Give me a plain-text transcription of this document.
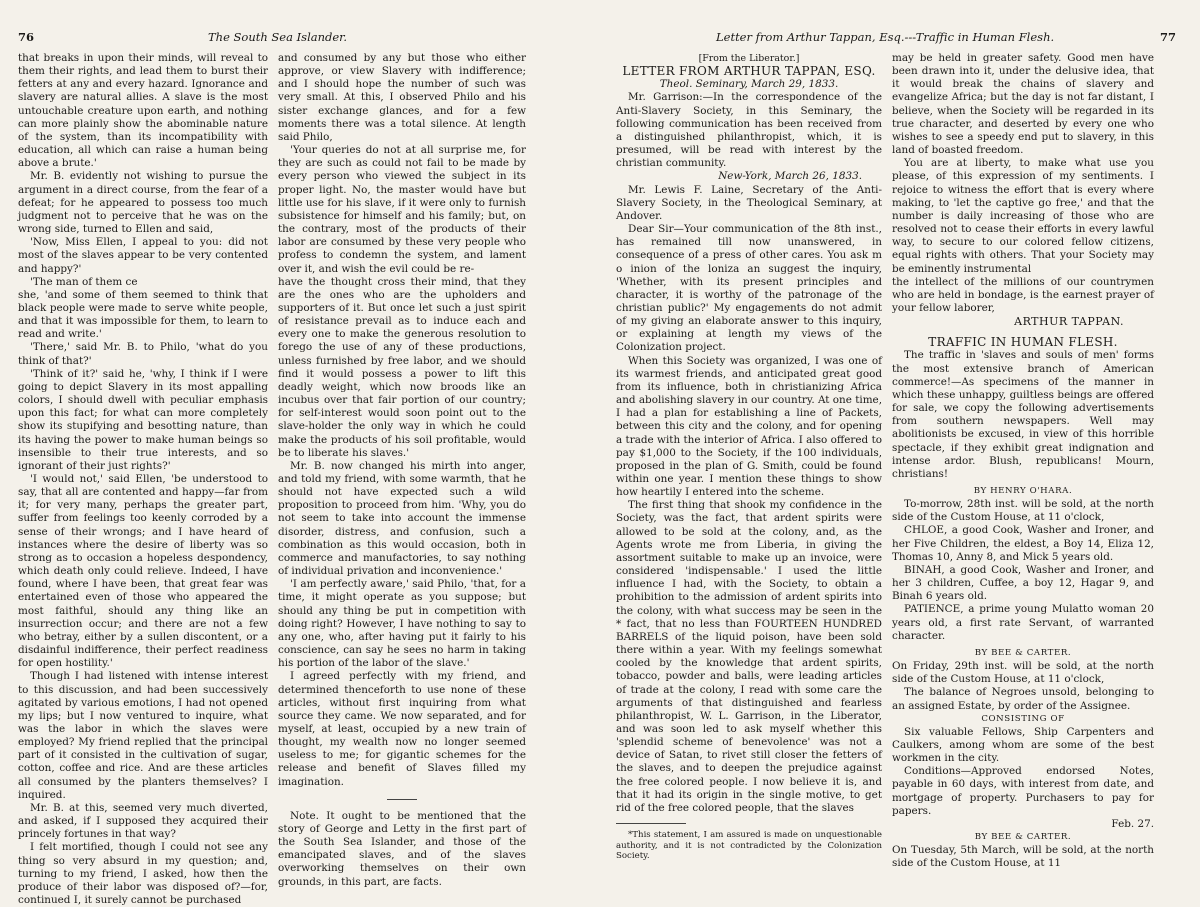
76	The South Sea Islander.

that breaks in upon their minds, will reveal to them their rights, and lead them to burst their fetters at any and every hazard. Ignorance and slavery are natural allies. A slave is the most untouchable creature upon earth, and nothing can more plainly show the abominable nature of the system, than its incompatibility with education, all which can raise a human being above a brute.'

Mr. B. evidently not wishing to pursue the argument in a direct course, from the fear of a defeat; for he appeared to possess too much judgment not to perceive that he was on the wrong side, turned to Ellen and said,

'Now, Miss Ellen, I appeal to you: did not most of the slaves appear to be very contented and happy?'

'The man of them ce

she, 'and some of them seemed to think that black people were made to serve white people, and that it was impossible for them, to learn to read and write.'

'There,' said Mr. B. to Philo, 'what do you think of that?'

'Think of it?' said he, 'why, I think if I were going to depict Slavery in its most appalling colors, I should dwell with peculiar emphasis upon this fact; for what can more completely show its stupifying and besotting nature, than its having the power to make human beings so insensible to their true interests, and so ignorant of their just rights?'

'I would not,' said Ellen, 'be understood to say, that all are contented and happy—far from it; for very many, perhaps the greater part, suffer from feelings too keenly corroded by a sense of their wrongs; and I have heard of instances where the desire of liberty was so strong as to occasion a hopeless despondency, which death only could relieve. Indeed, I have found, where I have been, that great fear was entertained even of those who appeared the most faithful, should any thing like an insurrection occur; and there are not a few who betray, either by a sullen discontent, or a disdainful indifference, their perfect readiness for open hostility.'

Though I had listened with intense interest to this discussion, and had been successively agitated by various emotions, I had not opened my lips; but I now ventured to inquire, what was the labor in which the slaves were employed? My friend replied that the principal part of it consisted in the cultivation of sugar, cotton, coffee and rice. And are these articles all consumed by the planters themselves? I inquired.

Mr. B. at this, seemed very much diverted, and asked, if I supposed they acquired their princely fortunes in that way?

I felt mortified, though I could not see any thing so very absurd in my question; and, turning to my friend, I asked, how then the produce of their labor was disposed of?—for, continued I, it surely cannot be purchased

and consumed by any but those who either approve, or view Slavery with indifference; and I should hope the number of such was very small. At this, I observed Philo and his sister exchange glances, and for a few moments there was a total silence. At length said Philo,

'Your queries do not at all surprise me, for they are such as could not fail to be made by every person who viewed the subject in its proper light. No, the master would have but little use for his slave, if it were only to furnish subsistence for himself and his family; but, on the contrary, most of the products of their labor are consumed by these very people who profess to condemn the system, and lament over it, and wish the evil could be re-

have the thought cross their mind, that they are the ones who are the upholders and supporters of it. But once let such a just spirit of resistance prevail as to induce each and every one to make the generous resolution to forego the use of any of these productions, unless furnished by free labor, and we should find it would possess a power to lift this deadly weight, which now broods like an incubus over that fair portion of our country; for self-interest would soon point out to the slave-holder the only way in which he could make the products of his soil profitable, would be to liberate his slaves.'

Mr. B. now changed his mirth into anger, and told my friend, with some warmth, that he should not have expected such a wild proposition to proceed from him. 'Why, you do not seem to take into account the immense disorder, distress, and confusion, such a combination as this would occasion, both in commerce and manufactories, to say nothing of individual privation and inconvenience.'

'I am perfectly aware,' said Philo, 'that, for a time, it might operate as you suppose; but should any thing be put in competition with doing right? However, I have nothing to say to any one, who, after having put it fairly to his conscience, can say he sees no harm in taking his portion of the labor of the slave.'

I agreed perfectly with my friend, and determined thenceforth to use none of these articles, without first inquiring from what source they came. We now separated, and for myself, at least, occupied by a new train of thought, my wealth now no longer seemed useless to me; for gigantic schemes for the release and benefit of Slaves filled my imagination.

Note. It ought to be mentioned that the story of George and Letty in the first part of the South Sea Islander, and those of the emancipated slaves, and of the slaves overworking themselves on their own grounds, in this part, are facts.

Letter from Arthur Tappan, Esq.---Traffic in Human Flesh.	77

[From the Liberator.]

LETTER FROM ARTHUR TAPPAN, ESQ.

Theol. Seminary, March 29, 1833.

Mr. Garrison:—In the correspondence of the Anti-Slavery Society, in this Seminary, the following communication has been received from a distinguished philanthropist, which, it is presumed, will be read with interest by the christian community.

New-York, March 26, 1833.

Mr. Lewis F. Laine, Secretary of the Anti-Slavery Society, in the Theological Seminary, at Andover.

Dear Sir—Your communication of the 8th inst., has remained till now unanswered, in consequence of a press of other cares. You ask m o inion of the loniza an suggest the inquiry, 'Whether, with its present principles and character, it is worthy of the patronage of the christian public?' My engagements do not admit of my giving an elaborate answer to this inquiry, or explaining at length my views of the Colonization project.

When this Society was organized, I was one of its warmest friends, and anticipated great good from its influence, both in christianizing Africa and abolishing slavery in our country. At one time, I had a plan for establishing a line of Packets, between this city and the colony, and for opening a trade with the interior of Africa. I also offered to pay $1,000 to the Society, if the 100 individuals, proposed in the plan of G. Smith, could be found within one year. I mention these things to show how heartily I entered into the scheme.

The first thing that shook my confidence in the Society, was the fact, that ardent spirits were allowed to be sold at the colony, and, as the Agents wrote me from Liberia, in giving the assortment suitable to make up an invoice, were considered 'indispensable.' I used the little influence I had, with the Society, to obtain a prohibition to the admission of ardent spirits into the colony, with what success may be seen in the * fact, that no less than FOURTEEN HUNDRED BARRELS of the liquid poison, have been sold there within a year. With my feelings somewhat cooled by the knowledge that ardent spirits, tobacco, powder and balls, were leading articles of trade at the colony, I read with some care the arguments of that distinguished and fearless philanthropist, W. L. Garrison, in the Liberator, and was soon led to ask myself whether this 'splendid scheme of benevolence' was not a device of Satan, to rivet still closer the fetters of the slaves, and to deepen the prejudice against the free colored people. I now believe it is, and that it had its origin in the single motive, to get rid of the free colored people, that the slaves

*This statement, I am assured is made on unquestionable authority, and it is not contradicted by the Colonization Society.

may be held in greater safety. Good men have been drawn into it, under the delusive idea, that it would break the chains of slavery and evangelize Africa; but the day is not far distant, I believe, when the Society will be regarded in its true character, and deserted by every one who wishes to see a speedy end put to slavery, in this land of boasted freedom.

You are at liberty, to make what use you please, of this expression of my sentiments. I rejoice to witness the effort that is every where making, to 'let the captive go free,' and that the number is daily increasing of those who are resolved not to cease their efforts in every lawful way, to secure to our colored fellow citizens, equal rights with others. That your Society may be eminently instrumental

the intellect of the millions of our countrymen who are held in bondage, is the earnest prayer of your fellow laborer,

ARTHUR TAPPAN.

TRAFFIC IN HUMAN FLESH.

The traffic in 'slaves and souls of men' forms the most extensive branch of American commerce!—As specimens of the manner in which these unhappy, guiltless beings are offered for sale, we copy the following advertisements from southern newspapers. Well may abolitionists be excused, in view of this horrible spectacle, if they exhibit great indignation and intense ardor. Blush, republicans! Mourn, christians!

BY HENRY O'HARA.

To-morrow, 28th inst. will be sold, at the north side of the Custom House, at 11 o'clock,

CHLOE, a good Cook, Washer and Ironer, and her Five Children, the eldest, a Boy 14, Eliza 12, Thomas 10, Anny 8, and Mick 5 years old.

BINAH, a good Cook, Washer and Ironer, and her 3 children, Cuffee, a boy 12, Hagar 9, and Binah 6 years old.

PATIENCE, a prime young Mulatto woman 20 years old, a first rate Servant, of warranted character.

BY BEE & CARTER.

On Friday, 29th inst. will be sold, at the north side of the Custom House, at 11 o'clock,

The balance of Negroes unsold, belonging to an assigned Estate, by order of the Assignee.

CONSISTING OF

Six valuable Fellows, Ship Carpenters and Caulkers, among whom are some of the best workmen in the city.

Conditions—Approved endorsed Notes, payable in 60 days, with interest from date, and mortgage of property. Purchasers to pay for papers.

Feb. 27.

BY BEE & CARTER.

On Tuesday, 5th March, will be sold, at the north side of the Custom House, at 11
